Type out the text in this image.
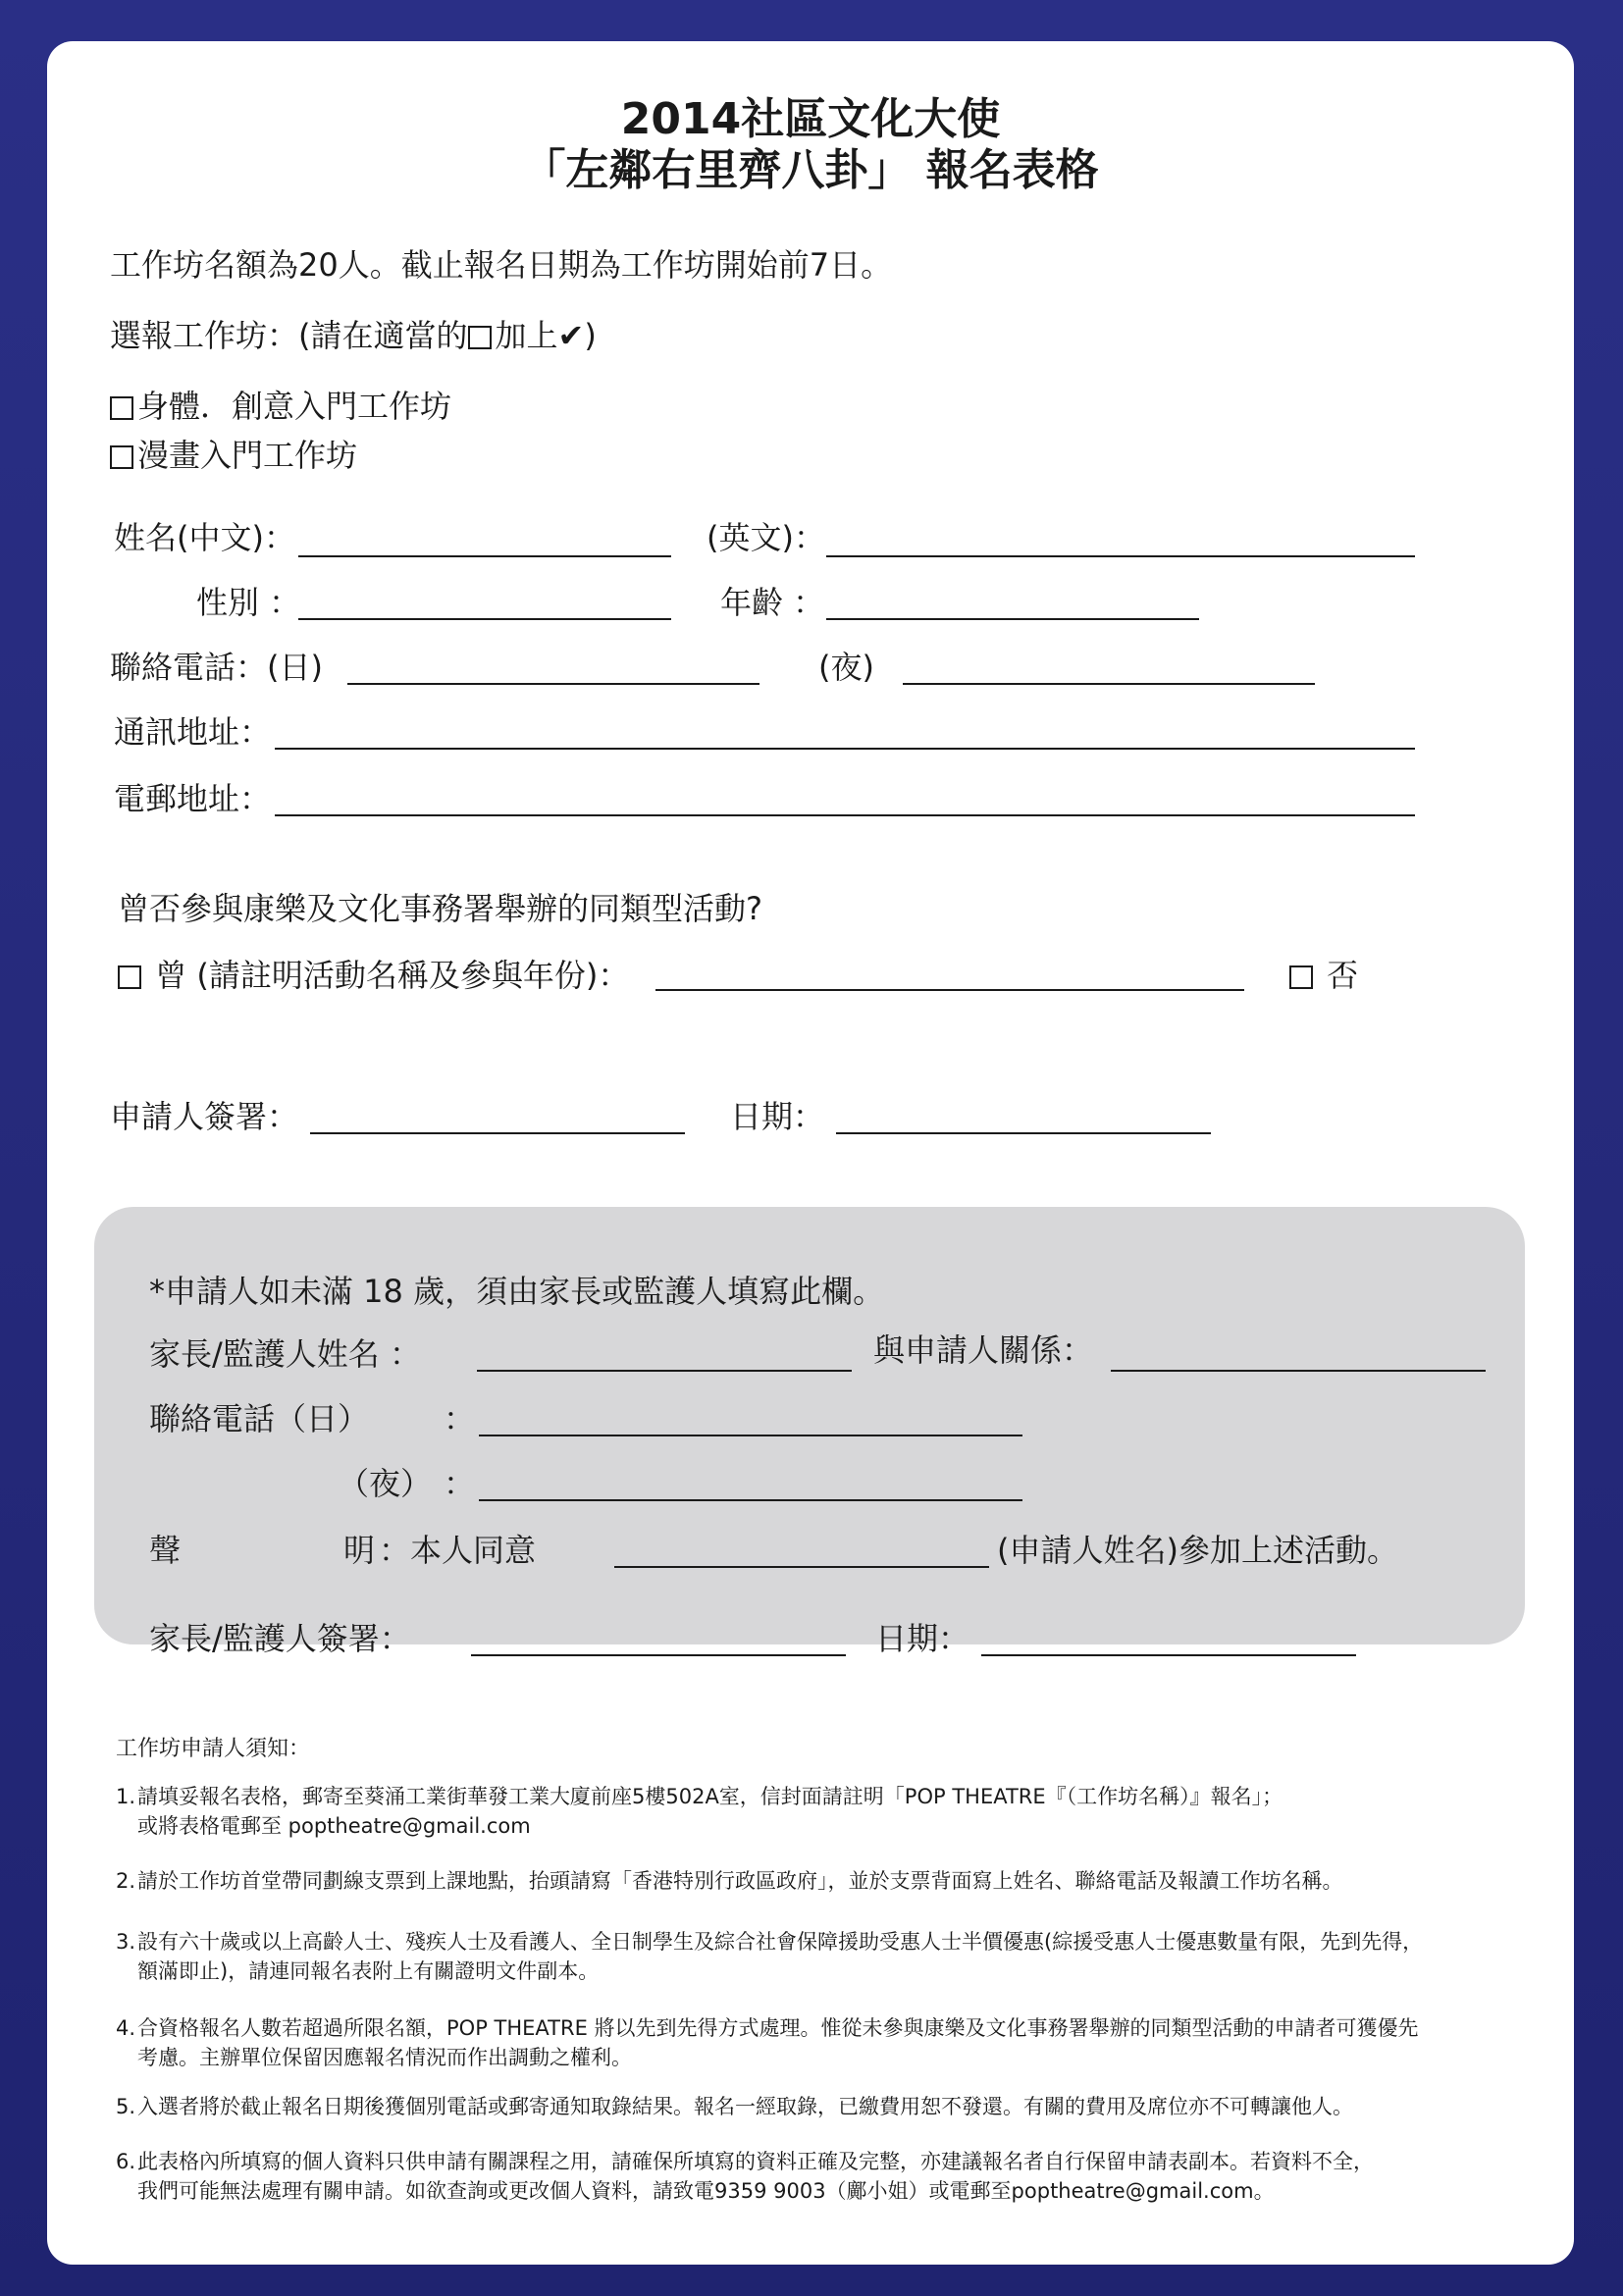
2014社區文化大使
「左鄰右里齊八卦」 報名表格
工作坊名額為20人。截止報名日期為工作坊開始前7日。
選報工作坊：(請在適當的 加上✔)
身體．創意入門工作坊
漫畫入門工作坊
姓名(中文)：	(英文)：
性別 ：	年齡 ：
聯絡電話：(日)	(夜)
通訊地址：
電郵地址：
曾否參與康樂及文化事務署舉辦的同類型活動?
曾 (請註明活動名稱及參與年份)：	否
申請人簽署：	日期：
*申請人如未滿 18 歲，須由家長或監護人填寫此欄。
家長/監護人姓名 ：	與申請人關係：
聯絡電話（日） ：
（夜） ：
聲	明 ：本人同意	(申請人姓名)參加上述活動。
家長/監護人簽署：	日期：
工作坊申請人須知：
1.請填妥報名表格，郵寄至葵涌工業街華發工業大廈前座5樓502A室，信封面請註明「POP THEATRE『（工作坊名稱）』報名」；
或將表格電郵至 poptheatre@gmail.com
2.請於工作坊首堂帶同劃線支票到上課地點，抬頭請寫「香港特別行政區政府」，並於支票背面寫上姓名、聯絡電話及報讀工作坊名稱。
3.設有六十歲或以上高齡人士、殘疾人士及看護人、全日制學生及綜合社會保障援助受惠人士半價優惠(綜援受惠人士優惠數量有限，先到先得，
額滿即止)，請連同報名表附上有關證明文件副本。
4.合資格報名人數若超過所限名額，POP THEATRE 將以先到先得方式處理。惟從未參與康樂及文化事務署舉辦的同類型活動的申請者可獲優先
考慮。主辦單位保留因應報名情況而作出調動之權利。
5.入選者將於截止報名日期後獲個別電話或郵寄通知取錄結果。報名一經取錄，已繳費用恕不發還。有關的費用及席位亦不可轉讓他人。
6.此表格內所填寫的個人資料只供申請有關課程之用，請確保所填寫的資料正確及完整，亦建議報名者自行保留申請表副本。若資料不全，
我們可能無法處理有關申請。如欲查詢或更改個人資料，請致電9359 9003（鄺小姐）或電郵至poptheatre@gmail.com。
